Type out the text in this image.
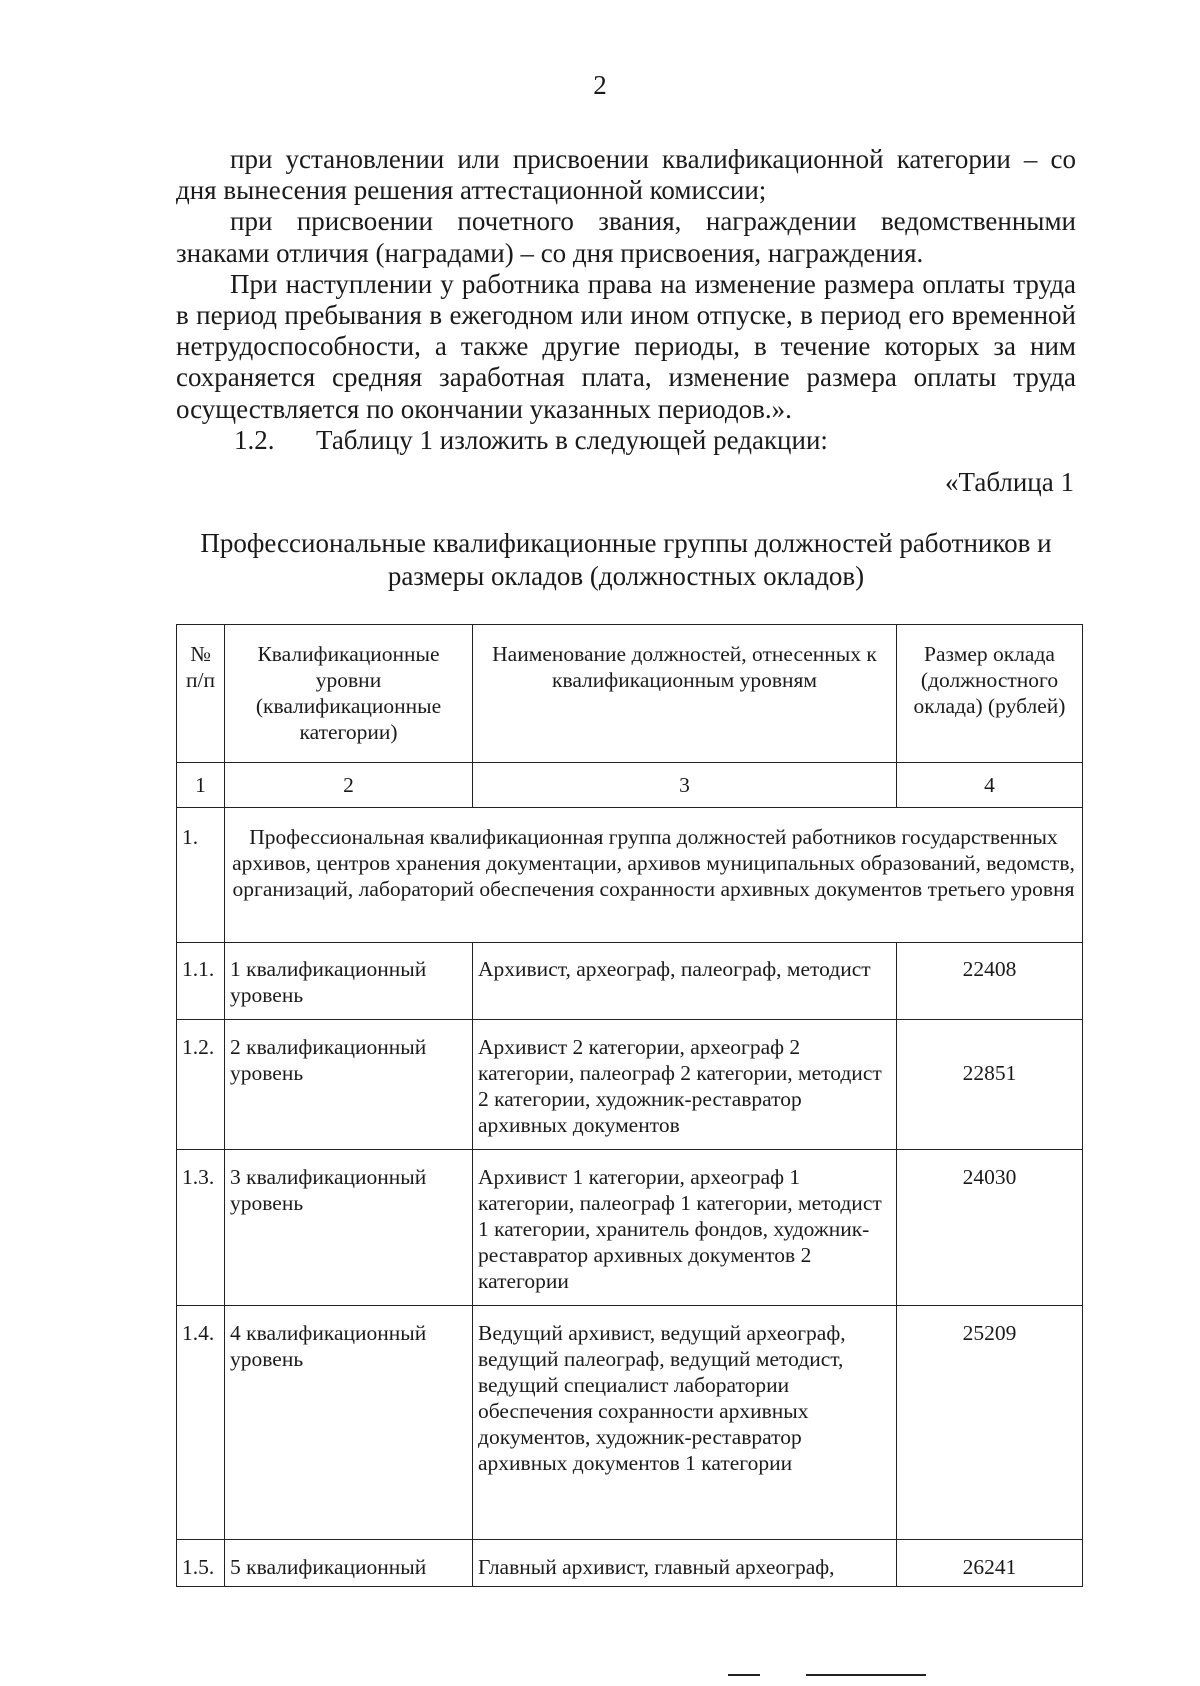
2

при установлении или присвоении квалификационной категории – со дня вынесения решения аттестационной комиссии;

при присвоении почетного звания, награждении ведомственными знаками отличия (наградами) – со дня присвоения, награждения.

При наступлении у работника права на изменение размера оплаты труда в период пребывания в ежегодном или ином отпуске, в период его временной нетрудоспособности, а также другие периоды, в течение которых за ним сохраняется средняя заработная плата, изменение размера оплаты труда осуществляется по окончании указанных периодов.».

1.2. Таблицу 1 изложить в следующей редакции:

«Таблица 1
Профессиональные квалификационные группы должностей работников и размеры окладов (должностных окладов)
№ п/п	Квалификационные уровни (квалификационные категории)	Наименование должностей, отнесенных к квалификационным уровням	Размер оклада (должностного оклада) (рублей)
1	2	3	4
1.	Профессиональная квалификационная группа должностей работников государственных архивов, центров хранения документации, архивов муниципальных образований, ведомств, организаций, лабораторий обеспечения сохранности архивных документов третьего уровня		
1.1.	1 квалификационный уровень	Архивист, археограф, палеограф, методист	22408
1.2.	2 квалификационный уровень	Архивист 2 категории, археограф 2 категории, палеограф 2 категории, методист 2 категории, художник-реставратор архивных документов	22851

1.3.	3 квалификационный уровень	Архивист 1 категории, археограф 1 категории, палеограф 1 категории, методист 1 категории, хранитель фондов, художник-реставратор архивных документов 2 категории	24030
1.4.	4 квалификационный уровень	Ведущий архивист, ведущий археограф, ведущий палеограф, ведущий методист, ведущий специалист лаборатории обеспечения сохранности архивных документов, художник-реставратор архивных документов 1 категории	25209
1.5.	5 квалификационный	Главный архивист, главный археограф,	26241
